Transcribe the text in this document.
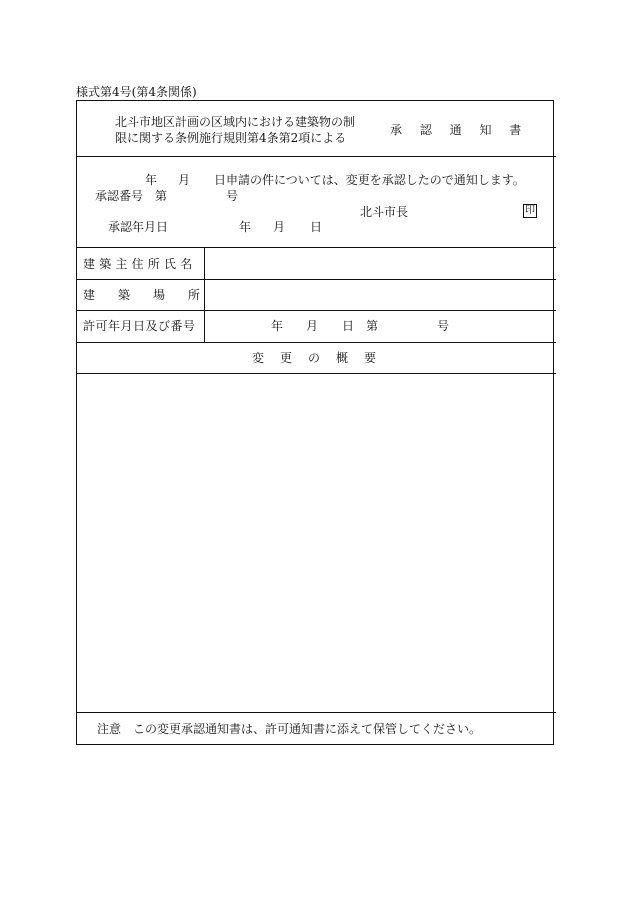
様式第4号(第4条関係)
北斗市地区計画の区域内における建築物の制
限に関する条例施行規則第4条第2項による
承 認 通 知 書
年 月 日申請の件については、変更を承認したので通知します。
承認番号 第	号
北斗市長	印
承認年月日	年 月 日
建築主住所氏名
建築場所
許可年月日及び番号	年 月 日 第	号
変　更　の　概　要
注意　この変更承認通知書は、許可通知書に添えて保管してください。
